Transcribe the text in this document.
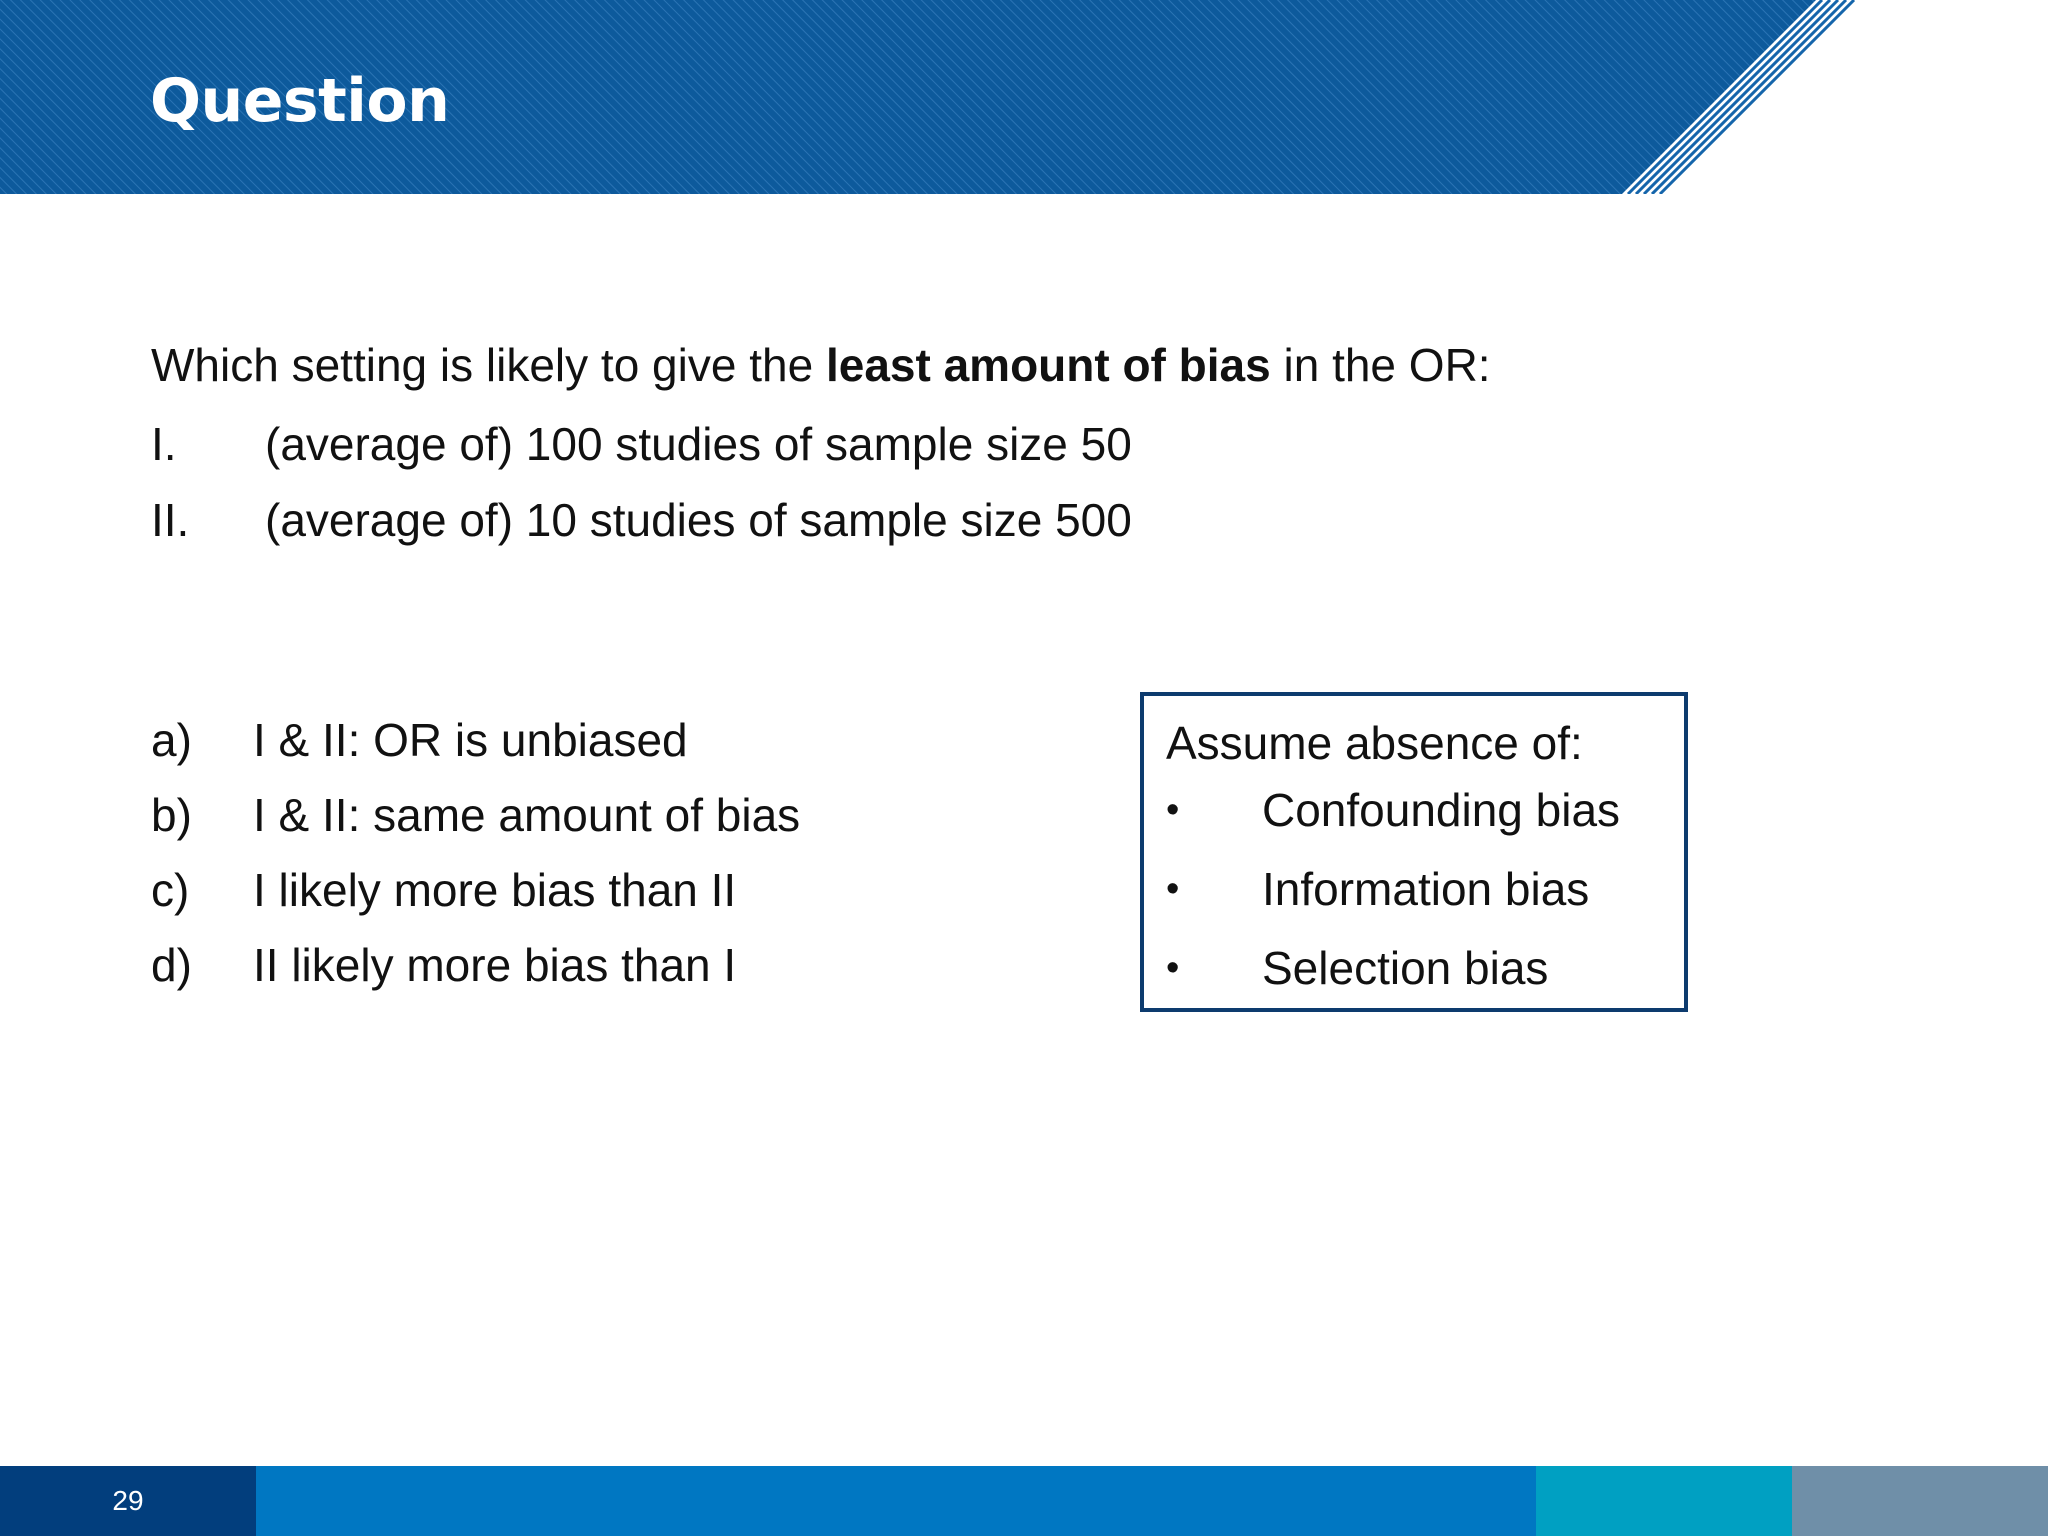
Question
Which setting is likely to give the least amount of bias in the OR:
I. (average of) 100 studies of sample size 50
II. (average of) 10 studies of sample size 500
a) I & II: OR is unbiased
b) I & II: same amount of bias
c) I likely more bias than II
d) II likely more bias than I
Assume absence of:
• Confounding bias
• Information bias
• Selection bias
29
